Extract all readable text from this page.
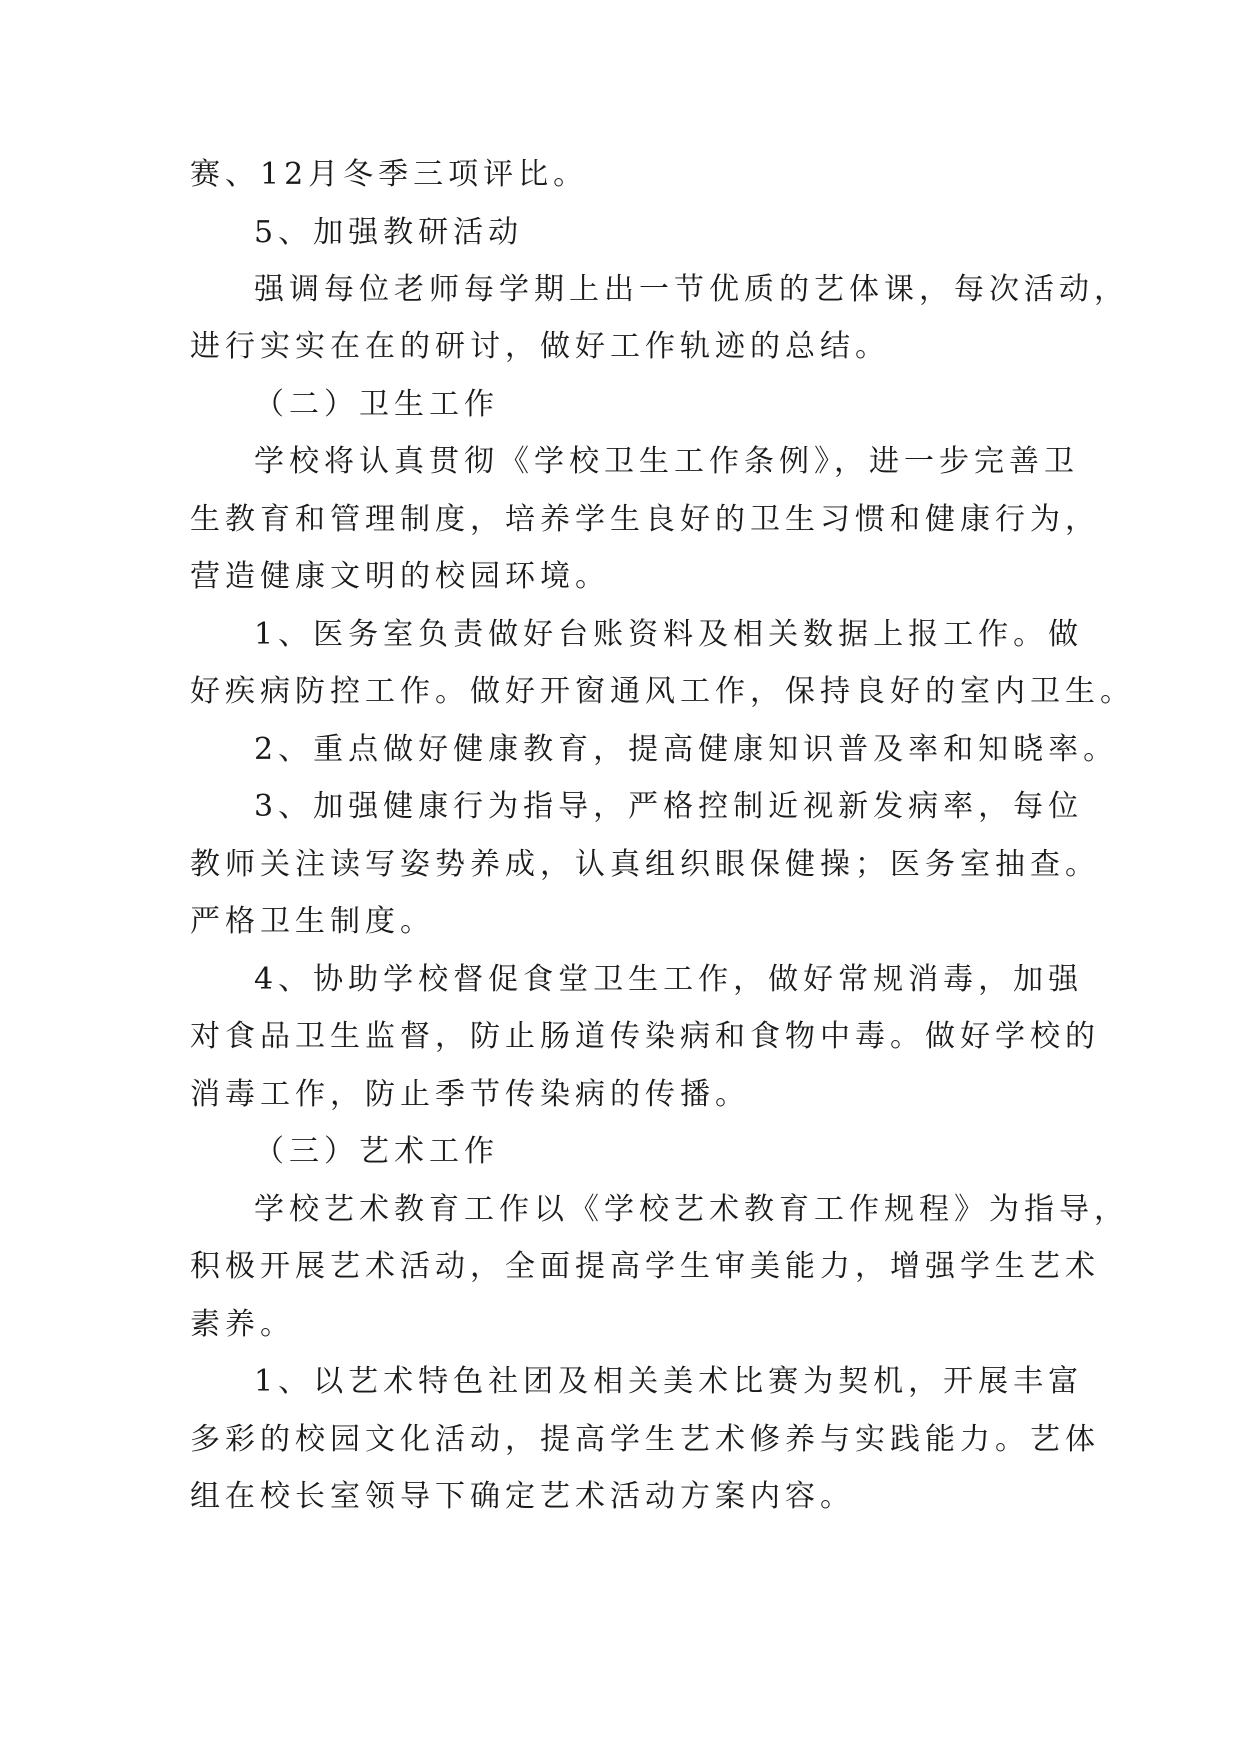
赛、12月冬季三项评比。
5、加强教研活动
强调每位老师每学期上出一节优质的艺体课，每次活动，
进行实实在在的研讨，做好工作轨迹的总结。
（二）卫生工作
学校将认真贯彻《学校卫生工作条例》，进一步完善卫
生教育和管理制度，培养学生良好的卫生习惯和健康行为，
营造健康文明的校园环境。
1、医务室负责做好台账资料及相关数据上报工作。做
好疾病防控工作。做好开窗通风工作，保持良好的室内卫生。
2、重点做好健康教育，提高健康知识普及率和知晓率。
3、加强健康行为指导，严格控制近视新发病率，每位
教师关注读写姿势养成，认真组织眼保健操；医务室抽查。
严格卫生制度。
4、协助学校督促食堂卫生工作，做好常规消毒，加强
对食品卫生监督，防止肠道传染病和食物中毒。做好学校的
消毒工作，防止季节传染病的传播。
（三）艺术工作
学校艺术教育工作以《学校艺术教育工作规程》为指导，
积极开展艺术活动，全面提高学生审美能力，增强学生艺术
素养。
1、以艺术特色社团及相关美术比赛为契机，开展丰富
多彩的校园文化活动，提高学生艺术修养与实践能力。艺体
组在校长室领导下确定艺术活动方案内容。
